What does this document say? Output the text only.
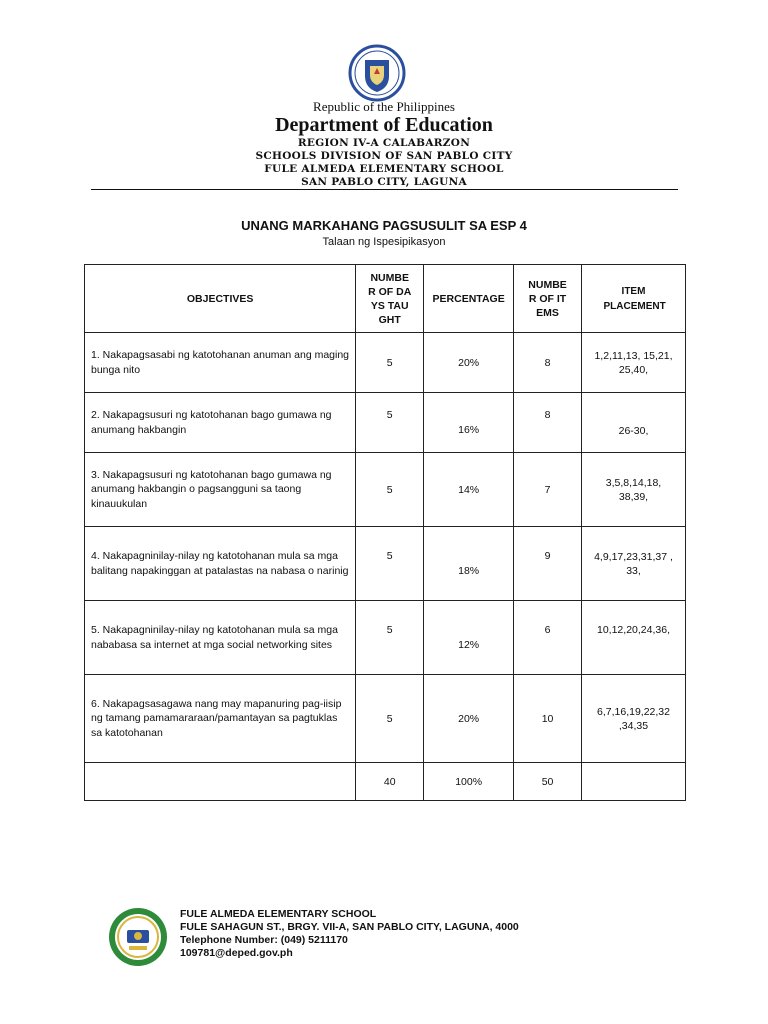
Republic of the Philippines
Department of Education
REGION IV-A CALABARZON
SCHOOLS DIVISION OF SAN PABLO CITY
FULE ALMEDA ELEMENTARY SCHOOL
SAN PABLO CITY, LAGUNA
UNANG MARKAHANG PAGSUSULIT SA ESP 4
Talaan ng Ispesipikasyon
OBJECTIVES	NUMBER OF DAYS TAUGHT	PERCENTAGE	NUMBER OF ITEMS	ITEM PLACEMENT

1. Nakapagsasabi ng katotohanan anuman ang maging bunga nito	5	20%	8	1,2,11,13, 15,21, 25,40,

2. Nakapagsusuri ng katotohanan bago gumawa ng anumang hakbangin	5	16%	8	26-30,
3. Nakapagsusuri ng katotohanan bago gumawa ng anumang hakbangin o pagsangguni sa taong kinauukulan	5	14%	7	3,5,8,14,18, 38,39,

4. Nakapagninilay-nilay ng katotohanan mula sa mga balitang napakinggan at patalastas na nabasa o narinig	5	18%	9	4,9,17,23,31,37 , 33,

5. Nakapagninilay-nilay ng katotohanan mula sa mga nababasa sa internet at mga social networking sites	5	12%	6	10,12,20,24,36,
6. Nakapagsasagawa nang may mapanuring pag-iisip ng tamang pamamararaan/pamantayan sa pagtuklas sa katotohanan	5	20%	10	6,7,16,19,22,32 ,34,35

	40	100%	50	
FULE ALMEDA ELEMENTARY SCHOOL
FULE SAHAGUN ST., BRGY. VII-A, SAN PABLO CITY, LAGUNA, 4000
Telephone Number: (049) 5211170
109781@deped.gov.ph
